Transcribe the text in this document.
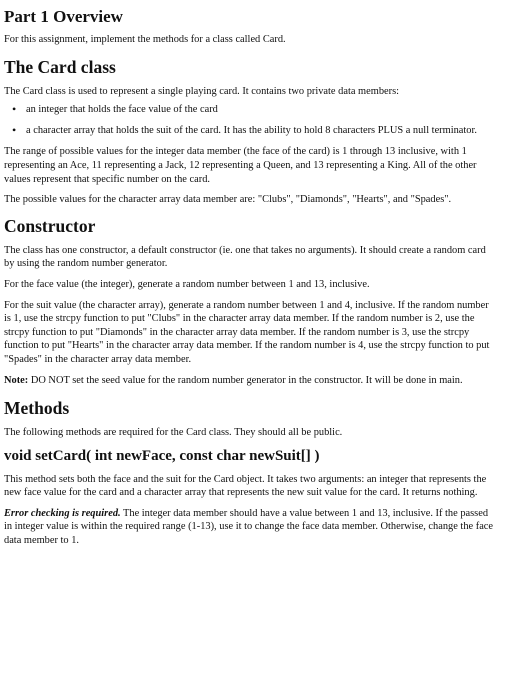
Part 1 Overview

For this assignment, implement the methods for a class called Card.

The Card class

The Card class is used to represent a single playing card. It contains two private data members:

• an integer that holds the face value of the card
• a character array that holds the suit of the card. It has the ability to hold 8 characters PLUS a null terminator.

The range of possible values for the integer data member (the face of the card) is 1 through 13 inclusive, with 1 representing an Ace, 11 representing a Jack, 12 representing a Queen, and 13 representing a King. All of the other values represent that specific number on the card.

The possible values for the character array data member are: "Clubs", "Diamonds", "Hearts", and "Spades".

Constructor

The class has one constructor, a default constructor (ie. one that takes no arguments). It should create a random card by using the random number generator.

For the face value (the integer), generate a random number between 1 and 13, inclusive.

For the suit value (the character array), generate a random number between 1 and 4, inclusive. If the random number is 1, use the strcpy function to put "Clubs" in the character array data member. If the random number is 2, use the strcpy function to put "Diamonds" in the character array data member. If the random number is 3, use the strcpy function to put "Hearts" in the character array data member. If the random number is 4, use the strcpy function to put "Spades" in the character array data member.

Note: DO NOT set the seed value for the random number generator in the constructor. It will be done in main.

Methods

The following methods are required for the Card class. They should all be public.

void setCard( int newFace, const char newSuit[] )

This method sets both the face and the suit for the Card object. It takes two arguments: an integer that represents the new face value for the card and a character array that represents the new suit value for the card. It returns nothing.

Error checking is required. The integer data member should have a value between 1 and 13, inclusive. If the passed in integer value is within the required range (1-13), use it to change the face data member. Otherwise, change the face data member to 1.
